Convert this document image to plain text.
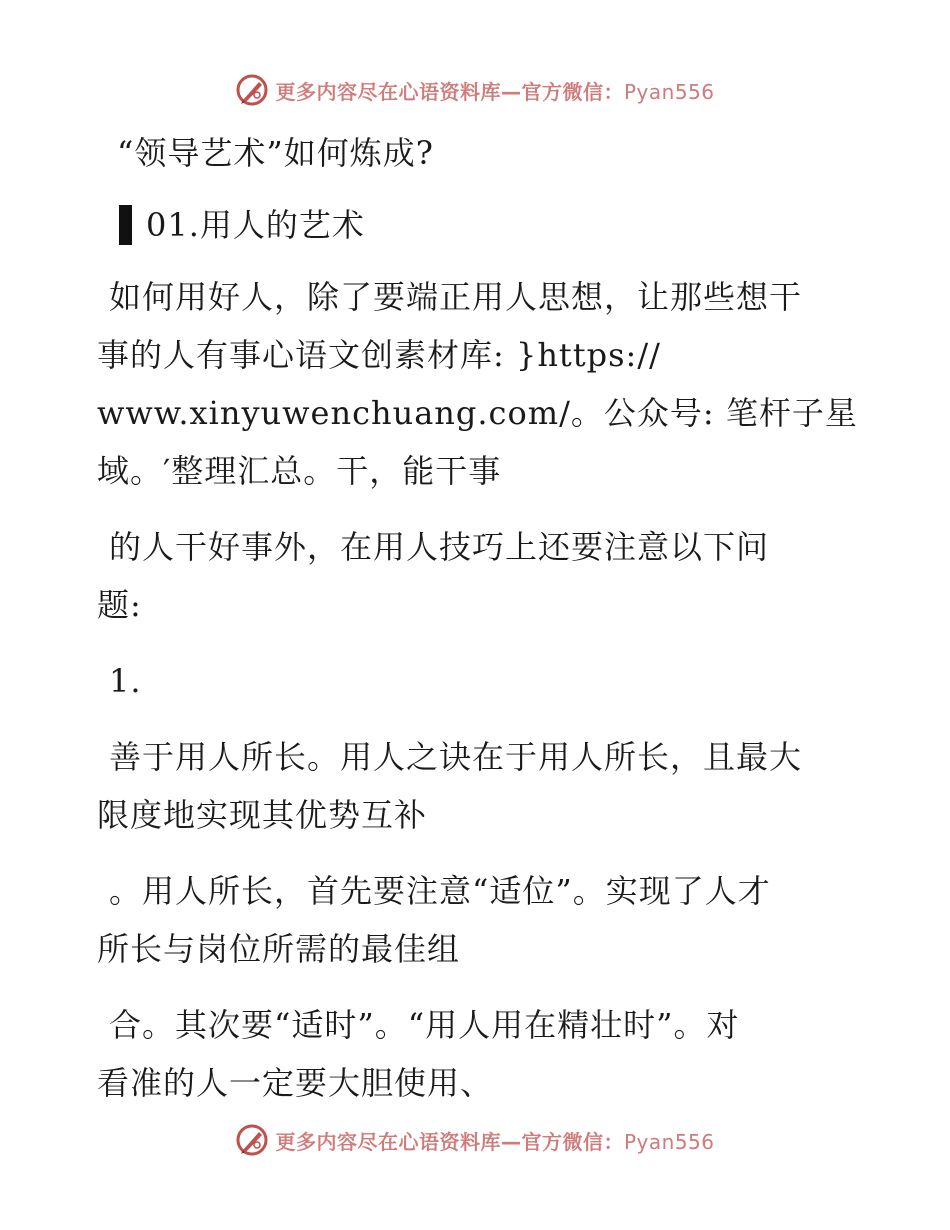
更多内容尽在心语资料库—官方微信：Pyan556
“领导艺术”如何炼成?
01.用人的艺术
如何用好人，除了要端正用人思想，让那些想干
事的人有事心语文创素材库: }https://
www.xinyuwenchuang.com/。公众号: 笔杆子星
域。′整理汇总。干，能干事
的人干好事外，在用人技巧上还要注意以下问
题:
1.
善于用人所长。用人之诀在于用人所长，且最大
限度地实现其优势互补
。用人所长，首先要注意“适位”。实现了人才
所长与岗位所需的最佳组
合。其次要“适时”。“用人用在精壮时”。对
看准的人一定要大胆使用、
更多内容尽在心语资料库—官方微信：Pyan556
